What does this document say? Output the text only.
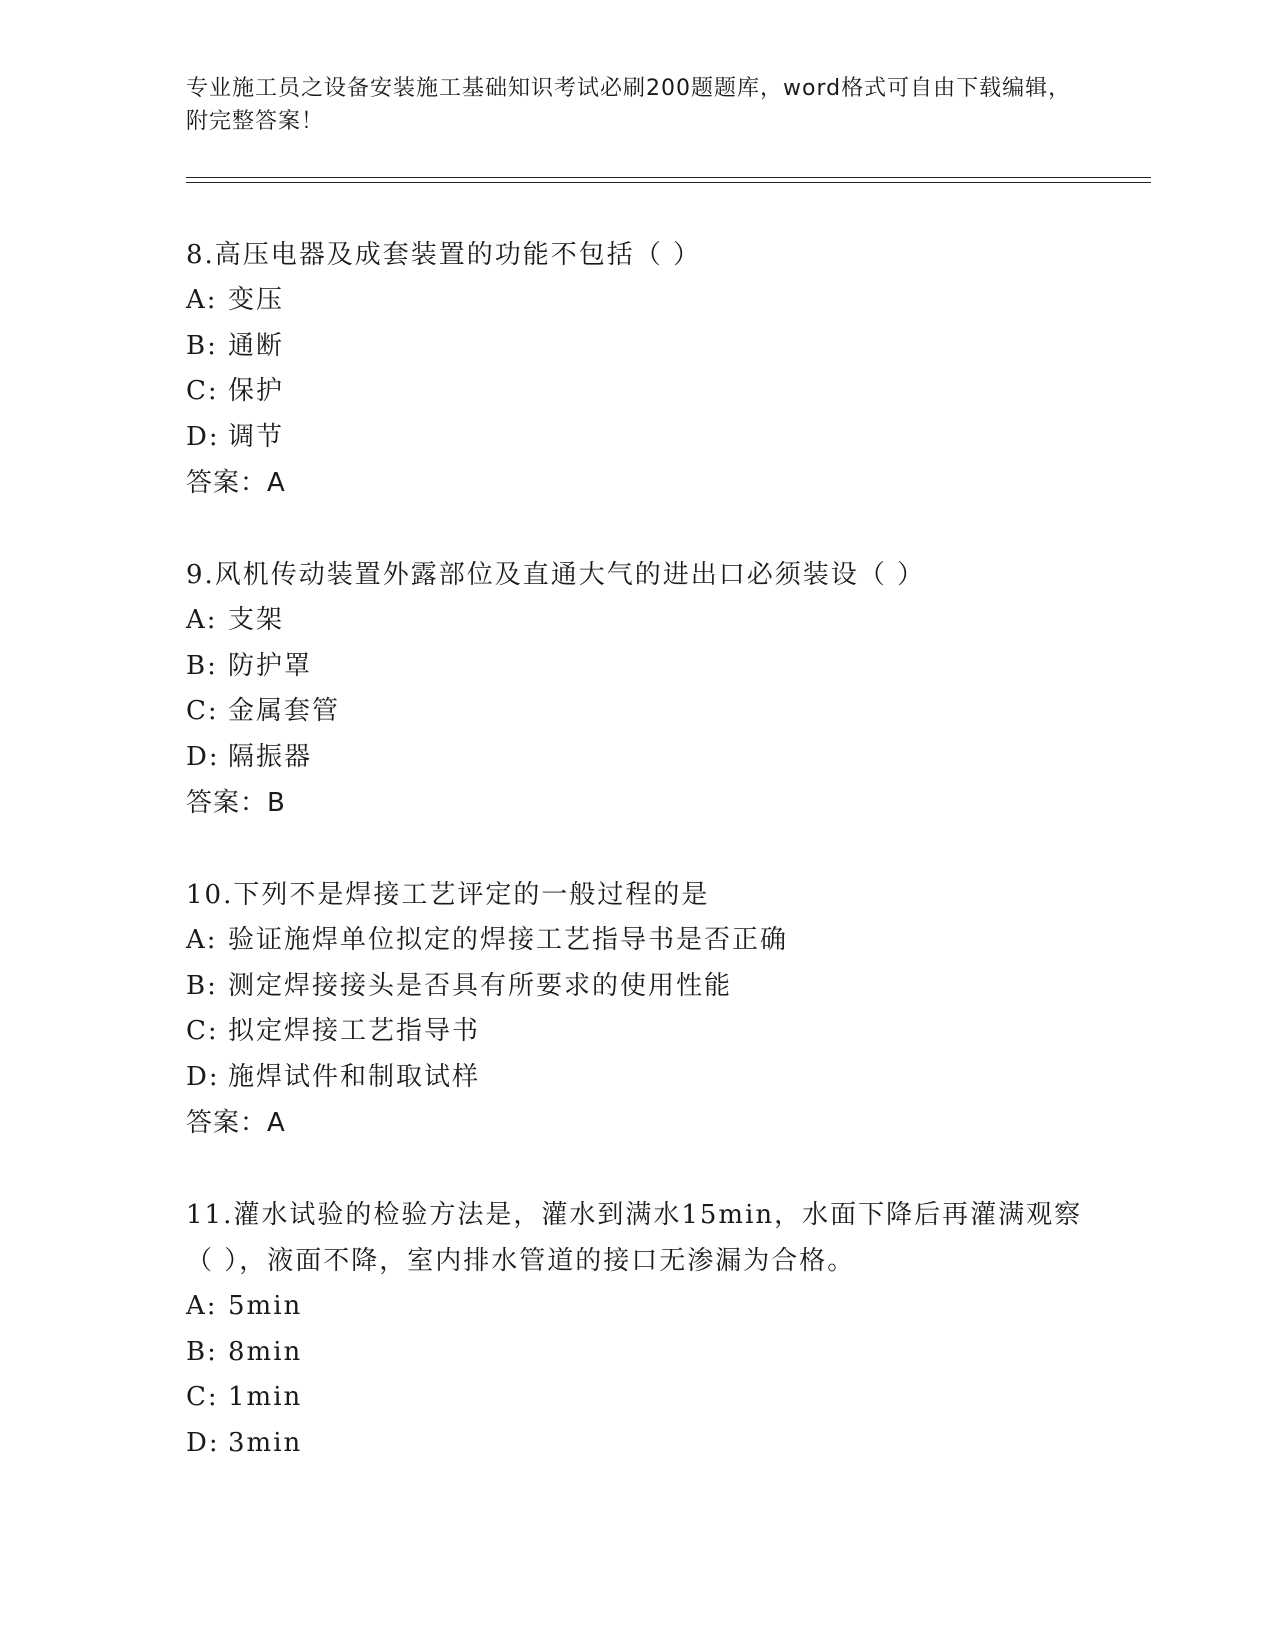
专业施工员之设备安装施工基础知识考试必刷200题题库，word格式可自由下载编辑，附完整答案！

8.高压电器及成套装置的功能不包括（ ）

A: 变压

B: 通断

C: 保护

D: 调节

答案：A

9.风机传动装置外露部位及直通大气的进出口必须装设（ ）

A: 支架

B: 防护罩

C: 金属套管

D: 隔振器

答案：B

10.下列不是焊接工艺评定的一般过程的是

A: 验证施焊单位拟定的焊接工艺指导书是否正确

B: 测定焊接接头是否具有所要求的使用性能

C: 拟定焊接工艺指导书

D: 施焊试件和制取试样

答案：A

11.灌水试验的检验方法是，灌水到满水15min，水面下降后再灌满观察（ ），液面不降，室内排水管道的接口无渗漏为合格。

A: 5min

B: 8min

C: 1min

D: 3min
